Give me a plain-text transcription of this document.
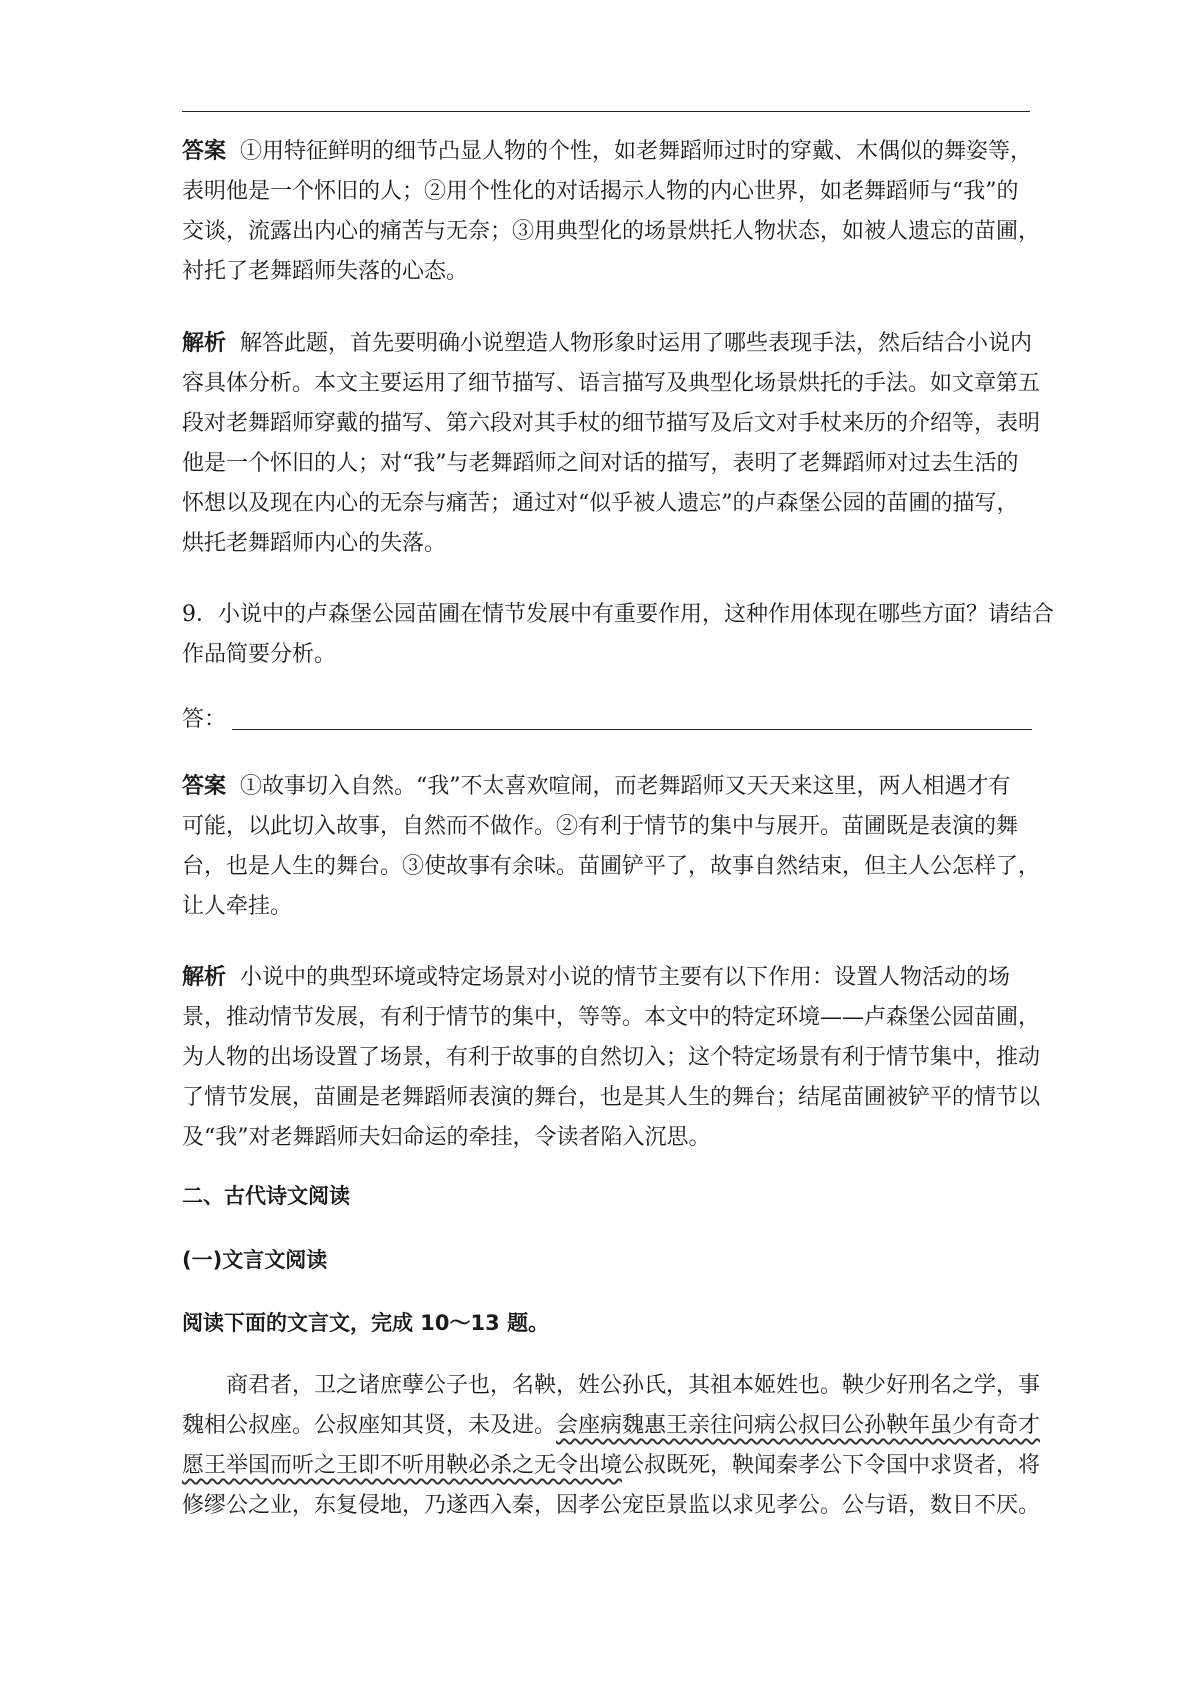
答案 ①用特征鲜明的细节凸显人物的个性，如老舞蹈师过时的穿戴、木偶似的舞姿等，
表明他是一个怀旧的人；②用个性化的对话揭示人物的内心世界，如老舞蹈师与“我”的
交谈，流露出内心的痛苦与无奈；③用典型化的场景烘托人物状态，如被人遗忘的苗圃，
衬托了老舞蹈师失落的心态。

解析 解答此题，首先要明确小说塑造人物形象时运用了哪些表现手法，然后结合小说内
容具体分析。本文主要运用了细节描写、语言描写及典型化场景烘托的手法。如文章第五
段对老舞蹈师穿戴的描写、第六段对其手杖的细节描写及后文对手杖来历的介绍等，表明
他是一个怀旧的人；对“我”与老舞蹈师之间对话的描写，表明了老舞蹈师对过去生活的
怀想以及现在内心的无奈与痛苦；通过对“似乎被人遗忘”的卢森堡公园的苗圃的描写，
烘托老舞蹈师内心的失落。

9．小说中的卢森堡公园苗圃在情节发展中有重要作用，这种作用体现在哪些方面？请结合
作品简要分析。

答：

答案 ①故事切入自然。“我”不太喜欢喧闹，而老舞蹈师又天天来这里，两人相遇才有
可能，以此切入故事，自然而不做作。②有利于情节的集中与展开。苗圃既是表演的舞
台，也是人生的舞台。③使故事有余味。苗圃铲平了，故事自然结束，但主人公怎样了，
让人牵挂。

解析 小说中的典型环境或特定场景对小说的情节主要有以下作用：设置人物活动的场
景，推动情节发展，有利于情节的集中，等等。本文中的特定环境——卢森堡公园苗圃，
为人物的出场设置了场景，有利于故事的自然切入；这个特定场景有利于情节集中，推动
了情节发展，苗圃是老舞蹈师表演的舞台，也是其人生的舞台；结尾苗圃被铲平的情节以
及“我”对老舞蹈师夫妇命运的牵挂，令读者陷入沉思。

二、古代诗文阅读
(一)文言文阅读
阅读下面的文言文，完成 10～13 题。

商君者，卫之诸庶孽公子也，名鞅，姓公孙氏，其祖本姬姓也。鞅少好刑名之学，事
魏相公叔座。公叔座知其贤，未及进。会座病魏惠王亲往问病公叔曰公孙鞅年虽少有奇才
愿王举国而听之王即不听用鞅必杀之无令出境公叔既死，鞅闻秦孝公下令国中求贤者，将
修缪公之业，东复侵地，乃遂西入秦，因孝公宠臣景监以求见孝公。公与语，数日不厌。
